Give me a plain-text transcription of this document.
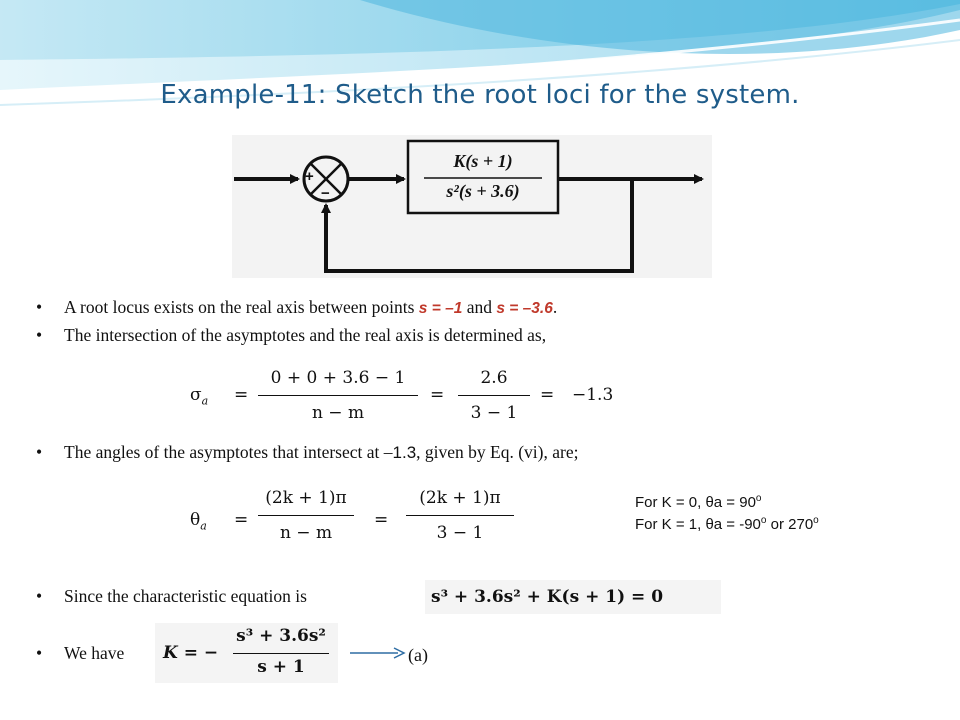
Example-11: Sketch the root loci for the system.
+
−
K(s + 1)
s²(s + 3.6)
• A root locus exists on the real axis between points s = –1 and s = –3.6.
• The intersection of the asymptotes and the real axis is determined as,
$\sigma_a$ =
0 + 0 + 3.6 − 1
n − m
=
2.6
3 − 1
= −1.3
• The angles of the asymptotes that intersect at –1.3, given by Eq. (vi), are;
$\theta_a$ =
(2k + 1)π
n − m
=
(2k + 1)π
3 − 1
For K = 0, $\theta a = 90^o$
For K = 1, $\theta a = -90^o$ or 270$^o$
• Since the characteristic equation is	s³ + 3.6s² + K(s + 1) = 0
• We have K = −
s³ + 3.6s²
s + 1
(a)
